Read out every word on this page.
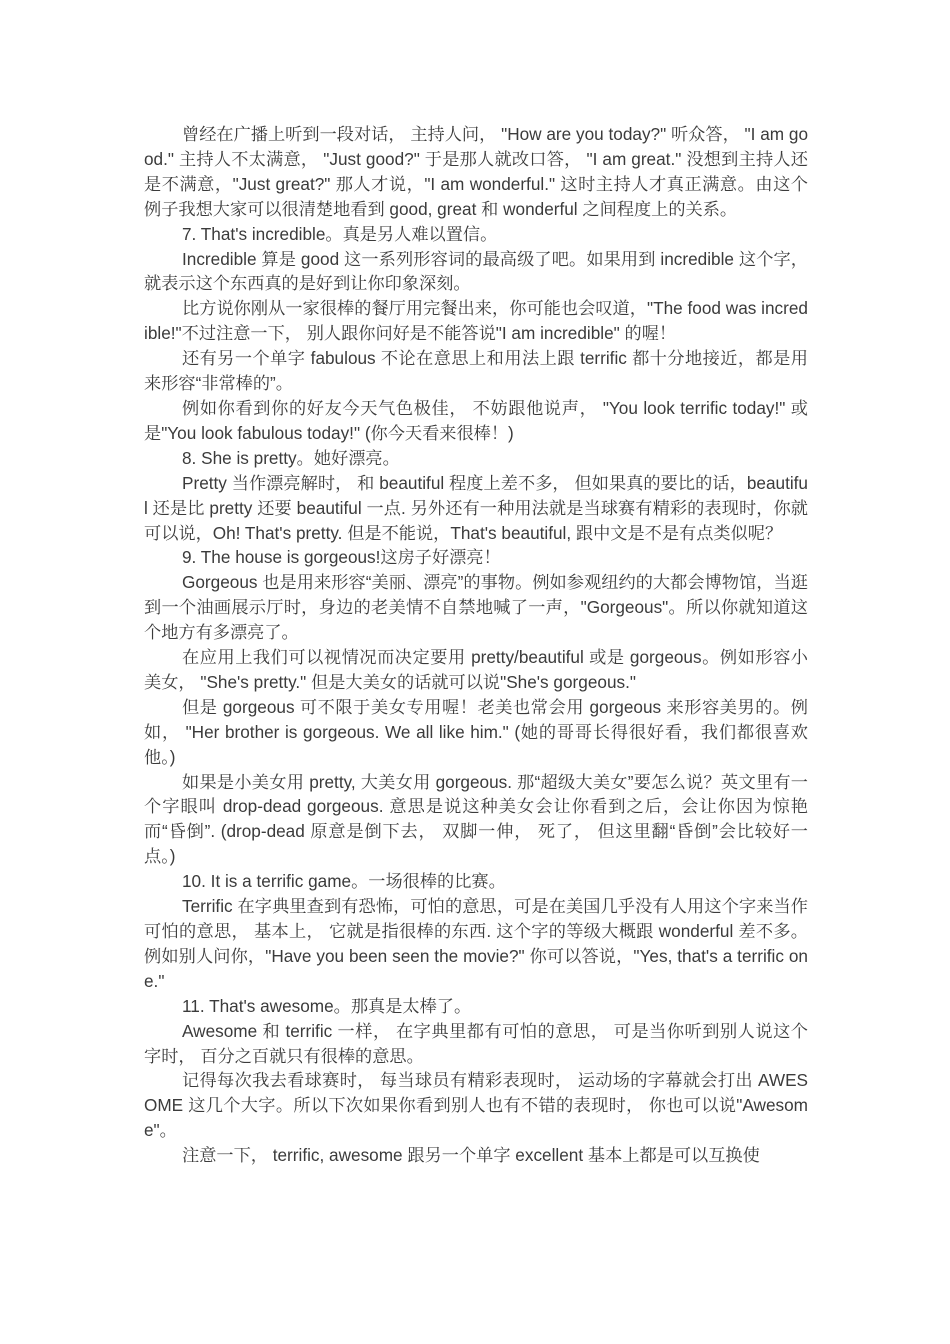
曾经在广播上听到一段对话， 主持人问， "How are you today?" 听众答， "I am good." 主持人不太满意， "Just good?" 于是那人就改口答， "I am great." 没想到主持人还是不满意，"Just great?" 那人才说，"I am wonderful." 这时主持人才真正满意。由这个例子我想大家可以很清楚地看到 good, great 和 wonderful 之间程度上的关系。

7. That's incredible。真是另人难以置信。

Incredible 算是 good 这一系列形容词的最高级了吧。如果用到 incredible 这个字， 就表示这个东西真的是好到让你印象深刻。

比方说你刚从一家很棒的餐厅用完餐出来，你可能也会叹道，"The food was incredible!"不过注意一下， 别人跟你问好是不能答说"I am incredible" 的喔！

还有另一个单字 fabulous 不论在意思上和用法上跟 terrific 都十分地接近，都是用来形容“非常棒的”。

例如你看到你的好友今天气色极佳， 不妨跟他说声， "You look terrific today!" 或是"You look fabulous today!" (你今天看来很棒！)

8. She is pretty。她好漂亮。

Pretty 当作漂亮解时， 和 beautiful 程度上差不多， 但如果真的要比的话，beautiful 还是比 pretty 还要 beautiful 一点. 另外还有一种用法就是当球赛有精彩的表现时，你就可以说，Oh! That's pretty. 但是不能说，That's beautiful, 跟中文是不是有点类似呢？

9. The house is gorgeous!这房子好漂亮！

Gorgeous 也是用来形容“美丽、漂亮”的事物。例如参观纽约的大都会博物馆，当逛到一个油画展示厅时，身边的老美情不自禁地喊了一声，"Gorgeous"。所以你就知道这个地方有多漂亮了。

在应用上我们可以视情况而决定要用 pretty/beautiful 或是 gorgeous。例如形容小美女， "She's pretty." 但是大美女的话就可以说"She's gorgeous."

但是 gorgeous 可不限于美女专用喔！老美也常会用 gorgeous 来形容美男的。例如， "Her brother is gorgeous. We all like him." (她的哥哥长得很好看，我们都很喜欢他。)

如果是小美女用 pretty, 大美女用 gorgeous. 那“超级大美女”要怎么说？英文里有一个字眼叫 drop-dead gorgeous. 意思是说这种美女会让你看到之后，会让你因为惊艳而“昏倒”. (drop-dead 原意是倒下去， 双脚一伸， 死了， 但这里翻“昏倒”会比较好一点。)

10. It is a terrific game。一场很棒的比赛。

Terrific 在字典里查到有恐怖，可怕的意思，可是在美国几乎没有人用这个字来当作可怕的意思， 基本上， 它就是指很棒的东西. 这个字的等级大概跟 wonderful 差不多。例如别人问你，"Have you been seen the movie?" 你可以答说，"Yes, that's a terrific one."

11. That's awesome。那真是太棒了。

Awesome 和 terrific 一样， 在字典里都有可怕的意思， 可是当你听到别人说这个字时， 百分之百就只有很棒的意思。

记得每次我去看球赛时， 每当球员有精彩表现时， 运动场的字幕就会打出 AWESOME 这几个大字。所以下次如果你看到别人也有不错的表现时， 你也可以说"Awesome"。

注意一下， terrific, awesome 跟另一个单字 excellent 基本上都是可以互换使
